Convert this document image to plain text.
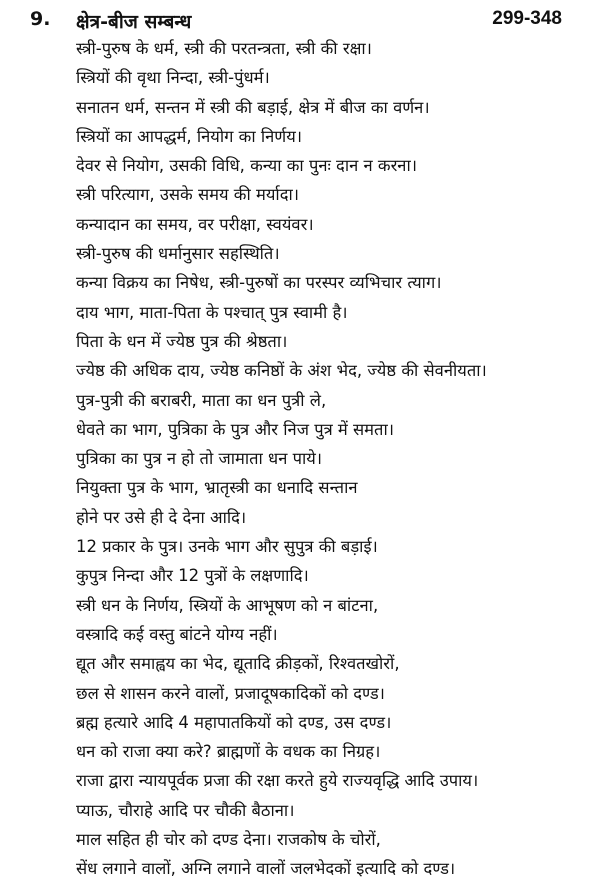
9. क्षेत्र-बीज सम्बन्ध	299-348
स्त्री-पुरुष के धर्म, स्त्री की परतन्त्रता, स्त्री की रक्षा।
स्त्रियों की वृथा निन्दा, स्त्री-पुंधर्म।
सनातन धर्म, सन्तन में स्त्री की बड़ाई, क्षेत्र में बीज का वर्णन।
स्त्रियों का आपद्धर्म, नियोग का निर्णय।
देवर से नियोग, उसकी विधि, कन्या का पुनः दान न करना।
स्त्री परित्याग, उसके समय की मर्यादा।
कन्यादान का समय, वर परीक्षा, स्वयंवर।
स्त्री-पुरुष की धर्मानुसार सहस्थिति।
कन्या विक्रय का निषेध, स्त्री-पुरुषों का परस्पर व्यभिचार त्याग।
दाय भाग, माता-पिता के पश्चात् पुत्र स्वामी है।
पिता के धन में ज्येष्ठ पुत्र की श्रेष्ठता।
ज्येष्ठ की अधिक दाय, ज्येष्ठ कनिष्ठों के अंश भेद, ज्येष्ठ की सेवनीयता।
पुत्र-पुत्री की बराबरी, माता का धन पुत्री ले,
धेवते का भाग, पुत्रिका के पुत्र और निज पुत्र में समता।
पुत्रिका का पुत्र न हो तो जामाता धन पाये।
नियुक्ता पुत्र के भाग, भ्रातृस्त्री का धनादि सन्तान
होने पर उसे ही दे देना आदि।
12 प्रकार के पुत्र। उनके भाग और सुपुत्र की बड़ाई।
कुपुत्र निन्दा और 12 पुत्रों के लक्षणादि।
स्त्री धन के निर्णय, स्त्रियों के आभूषण को न बांटना,
वस्त्रादि कई वस्तु बांटने योग्य नहीं।
द्यूत और समाह्वय का भेद, द्यूतादि क्रीड़कों, रिश्वतखोरों,
छल से शासन करने वालों, प्रजादूषकादिकों को दण्ड।
ब्रह्म हत्यारे आदि 4 महापातकियों को दण्ड, उस दण्ड।
धन को राजा क्या करे? ब्राह्मणों के वधक का निग्रह।
राजा द्वारा न्यायपूर्वक प्रजा की रक्षा करते हुये राज्यवृद्धि आदि उपाय।
प्याऊ, चौराहे आदि पर चौकी बैठाना।
माल सहित ही चोर को दण्ड देना। राजकोष के चोरों,
सेंध लगाने वालों, अग्नि लगाने वालों जलभेदकों इत्यादि को दण्ड।
